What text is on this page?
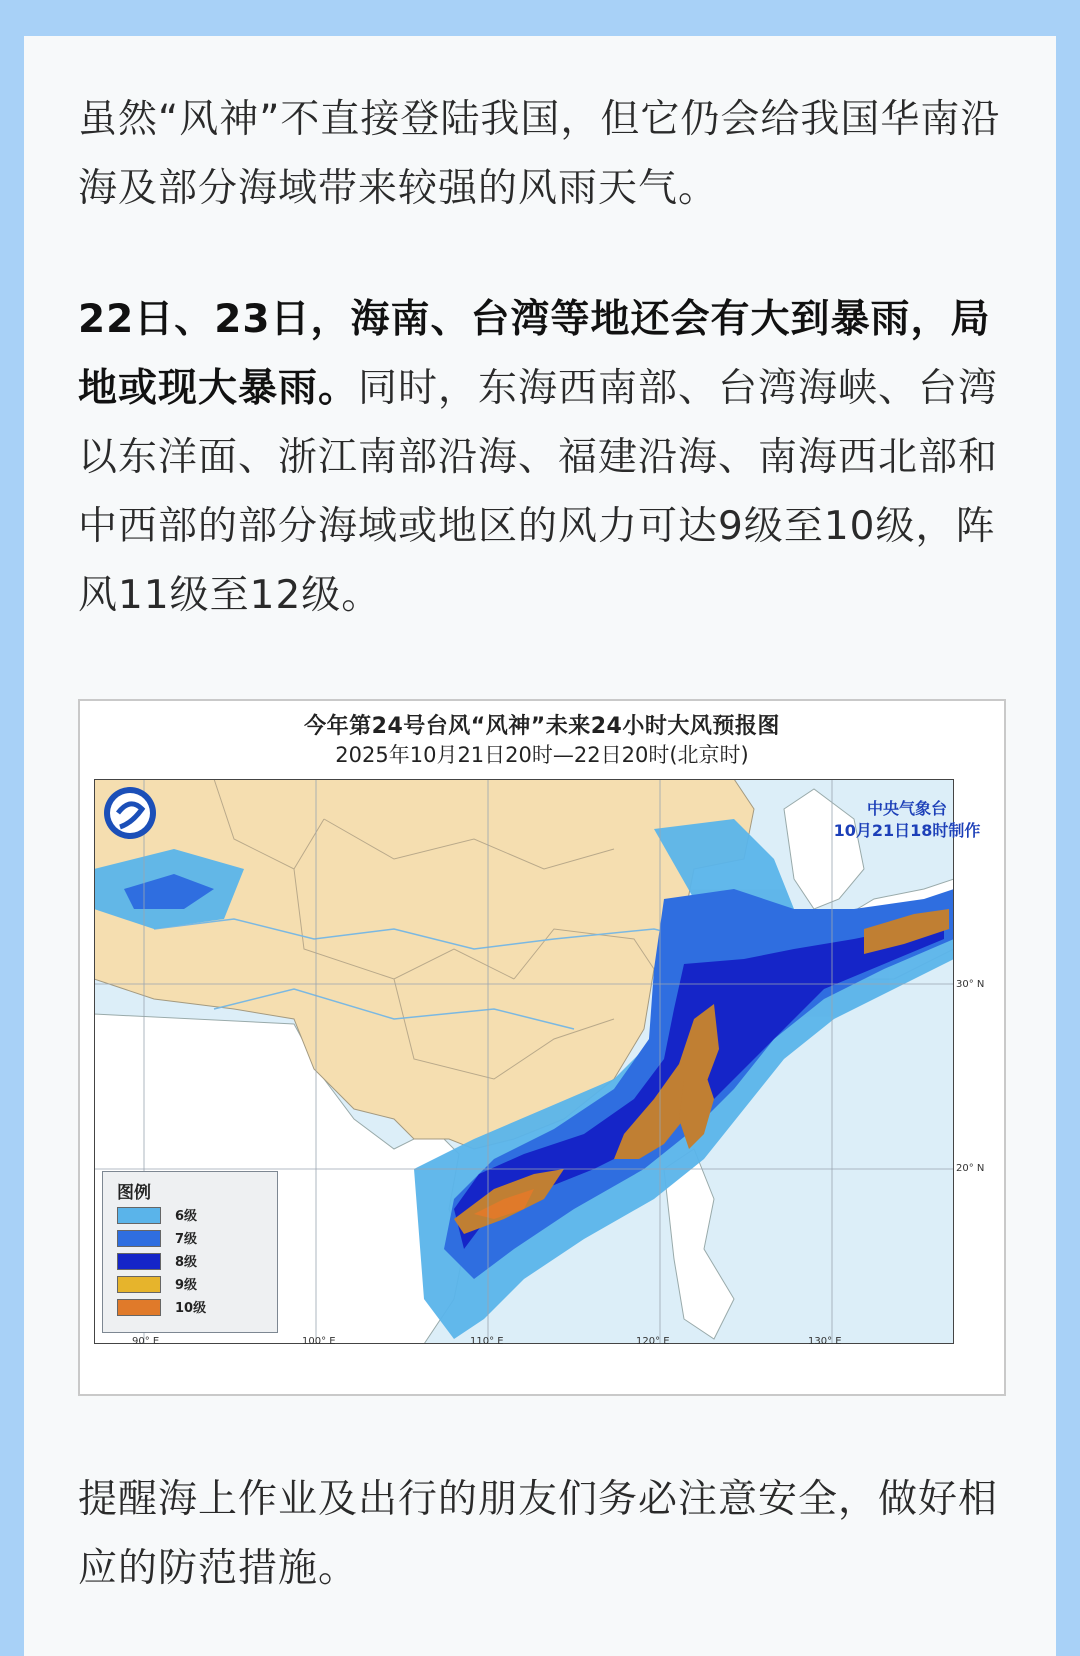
虽然“风神”不直接登陆我国，但它仍会给我国华南沿海及部分海域带来较强的风雨天气。

22日、23日，海南、台湾等地还会有大到暴雨，局地或现大暴雨。同时，东海西南部、台湾海峡、台湾以东洋面、浙江南部沿海、福建沿海、南海西北部和中西部的部分海域或地区的风力可达9级至10级，阵风11级至12级。

今年第24号台风“风神”未来24小时大风预报图
2025年10月21日20时—22日20时(北京时)
中央气象台
10月21日18时制作
图例
6级
7级
8级
9级
10级
90° E	100° E	110° E	120° E	130° E
30° N
20° N

提醒海上作业及出行的朋友们务必注意安全，做好相应的防范措施。
